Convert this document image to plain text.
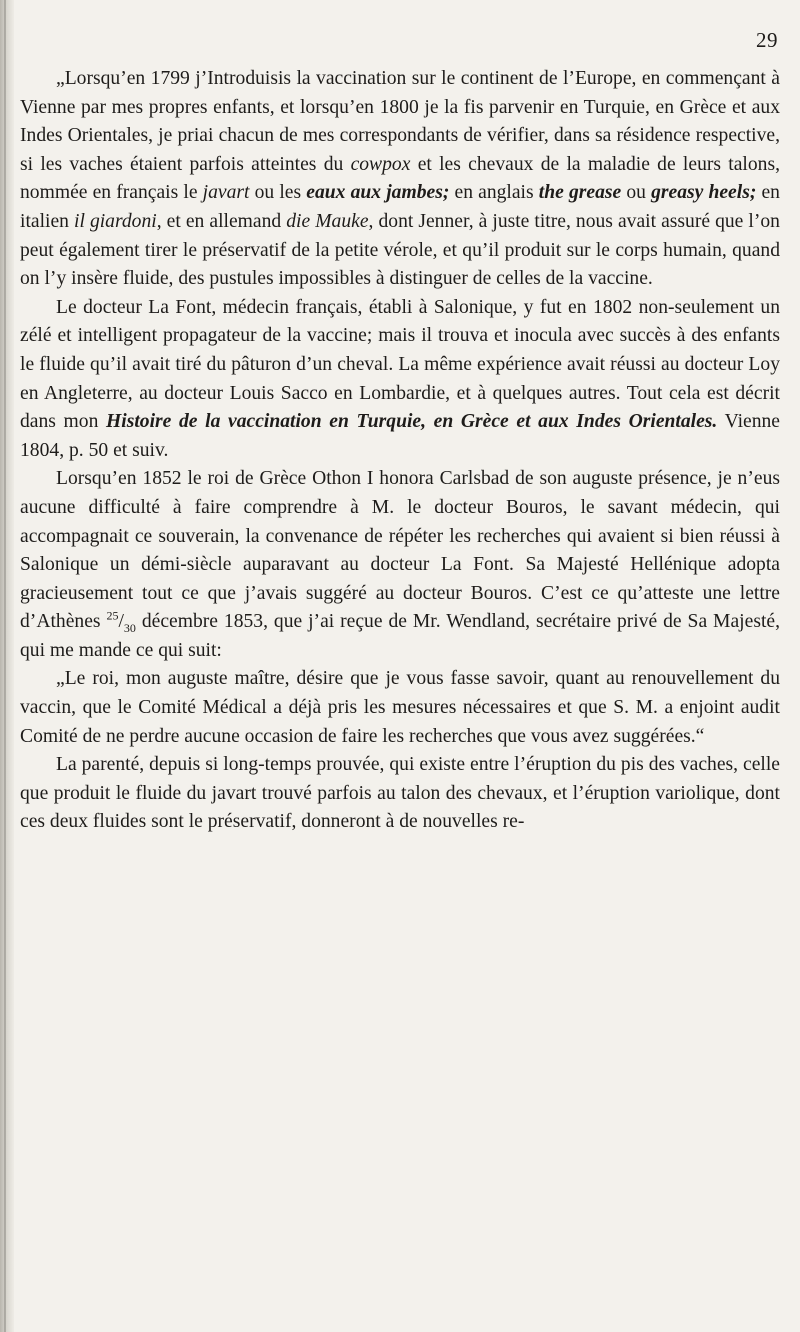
29

„Lorsqu’en 1799 j’Introduisis la vaccination sur le continent de l’Europe, en commençant à Vienne par mes propres enfants, et lorsqu’en 1800 je la fis parvenir en Turquie, en Grèce et aux Indes Orientales, je priai chacun de mes correspondants de vérifier, dans sa résidence respective, si les vaches étaient parfois atteintes du cowpox et les chevaux de la maladie de leurs talons, nommée en français le javart ou les eaux aux jambes; en anglais the grease ou greasy heels; en italien il giardoni, et en allemand die Mauke, dont Jenner, à juste titre, nous avait assuré que l’on peut également tirer le préservatif de la petite vérole, et qu’il produit sur le corps humain, quand on l’y insère fluide, des pustules impossibles à distinguer de celles de la vaccine.

Le docteur La Font, médecin français, établi à Salonique, y fut en 1802 non-seulement un zélé et intelligent propagateur de la vaccine; mais il trouva et inocula avec succès à des enfants le fluide qu’il avait tiré du pâturon d’un cheval. La même expérience avait réussi au docteur Loy en Angleterre, au docteur Louis Sacco en Lombardie, et à quelques autres. Tout cela est décrit dans mon Histoire de la vaccination en Turquie, en Grèce et aux Indes Orientales. Vienne 1804, p. 50 et suiv.

Lorsqu’en 1852 le roi de Grèce Othon I honora Carlsbad de son auguste présence, je n’eus aucune difficulté à faire comprendre à M. le docteur Bouros, le savant médecin, qui accompagnait ce souverain, la convenance de répéter les recherches qui avaient si bien réussi à Salonique un démi-siècle auparavant au docteur La Font. Sa Majesté Hellénique adopta gracieusement tout ce que j’avais suggéré au docteur Bouros. C’est ce qu’atteste une lettre d’Athènes $^{25}/_{30}$ décembre 1853, que j’ai reçue de Mr. Wendland, secrétaire privé de Sa Majesté, qui me mande ce qui suit:

„Le roi, mon auguste maître, désire que je vous fasse savoir, quant au renouvellement du vaccin, que le Comité Médical a déjà pris les mesures nécessaires et que S. M. a enjoint audit Comité de ne perdre aucune occasion de faire les recherches que vous avez suggérées.“

La parenté, depuis si long-temps prouvée, qui existe entre l’éruption du pis des vaches, celle que produit le fluide du javart trouvé parfois au talon des chevaux, et l’éruption variolique, dont ces deux fluides sont le préservatif, donneront à de nouvelles re-
